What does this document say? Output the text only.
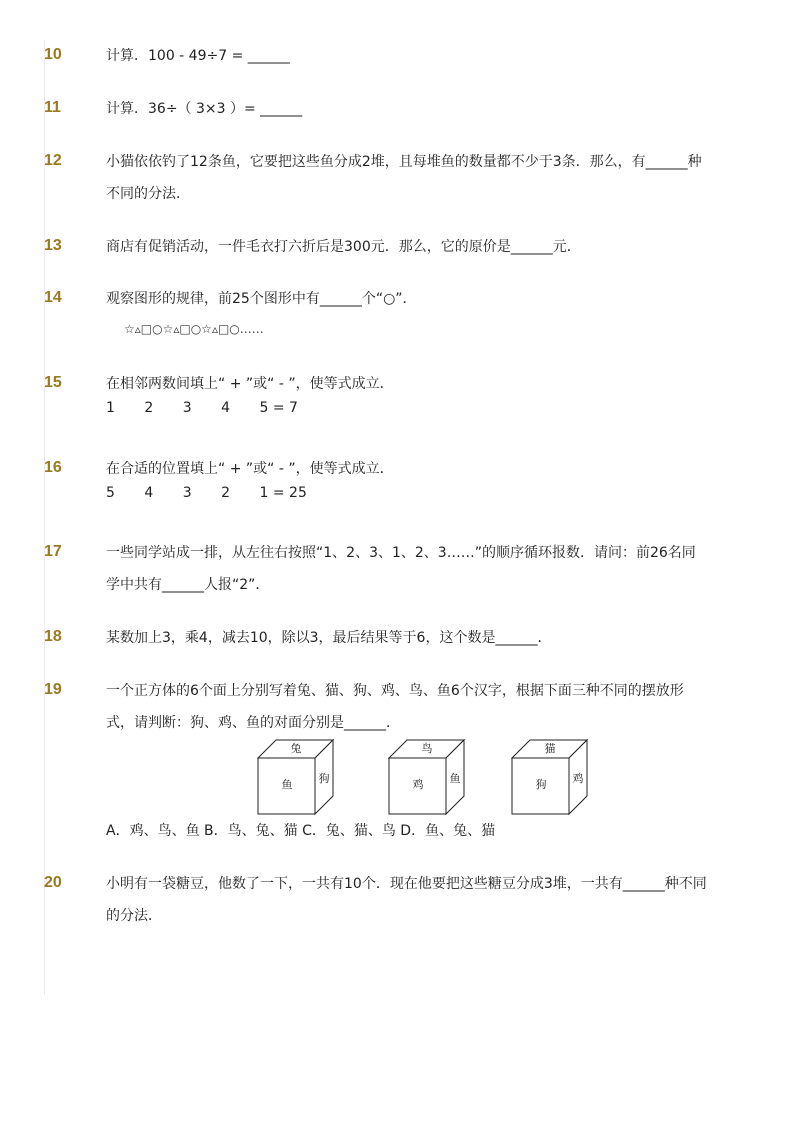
10	计算．100 - 49÷7 = ______
11	计算．36÷（ 3×3 ）= ______
12	小猫依依钓了12条鱼，它要把这些鱼分成2堆，且每堆鱼的数量都不少于3条．那么，有______种
不同的分法．
13	商店有促销活动，一件毛衣打六折后是300元．那么，它的原价是______元．
14	观察图形的规律，前25个图形中有______个“○”．
☆▵□○☆▵□○☆▵□○……
15	在相邻两数间填上“ + ”或“ - ”，使等式成立．
1 2 3 4 5 = 7
16	在合适的位置填上“ + ”或“ - ”，使等式成立．
5 4 3 2 1 = 25
17	一些同学站成一排，从左往右按照“1、2、3、1、2、3……”的顺序循环报数．请问：前26名同
学中共有______人报“2”．
18	某数加上3，乘4，减去10，除以3，最后结果等于6，这个数是______．
19	一个正方体的6个面上分别写着兔、猫、狗、鸡、鸟、鱼6个汉字，根据下面三种不同的摆放形
式，请判断：狗、鸡、鱼的对面分别是______．
A．鸡、鸟、鱼 B．鸟、兔、猫 C．兔、猫、鸟 D．鱼、兔、猫
兔
鱼 狗
鸟
鸡 鱼
猫
狗 鸡
20	小明有一袋糖豆，他数了一下，一共有10个．现在他要把这些糖豆分成3堆，一共有______种不同
的分法．
